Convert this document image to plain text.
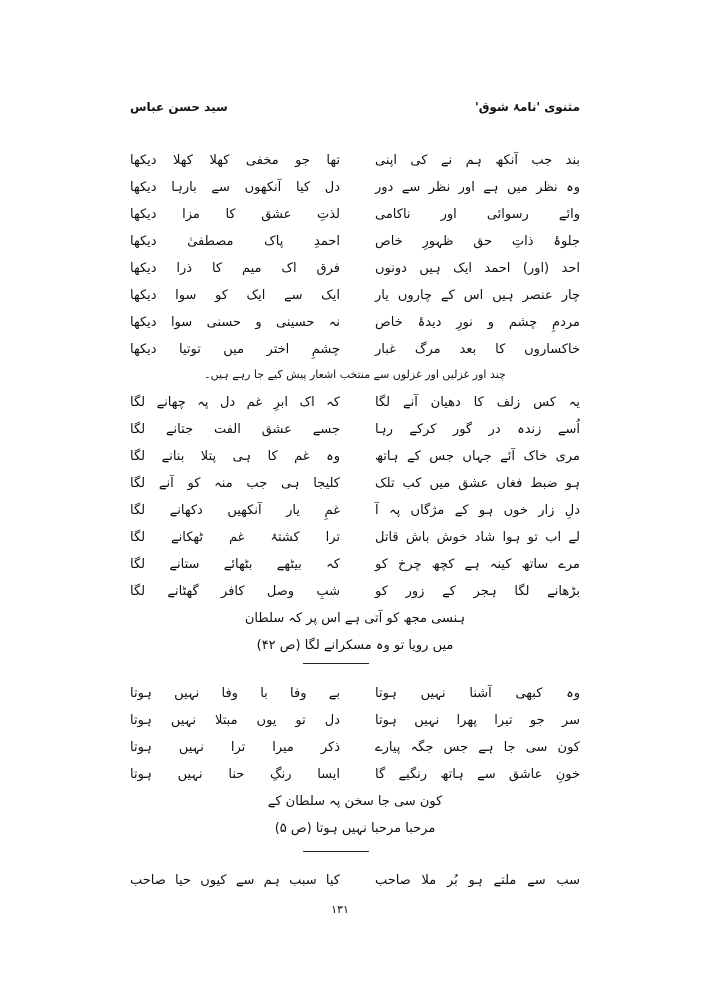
مثنوی 'نامۂ شوق'
سید حسن عباس
بند جب آنکھ ہم نے کی اپنی
تھا جو مخفی کھلا کھلا دیکھا
وہ نظر میں ہے اور نظر سے دور
دل کیا آنکھوں سے بارہا دیکھا
وائے رسوائی اور ناکامی
لذتِ عشق کا مزا دیکھا
جلوۂ ذاتِ حق ظہورِ خاص
احمدِ پاک مصطفیٰ دیکھا
احد (اور) احمد ایک ہیں دونوں
فرق اک میم کا ذرا دیکھا
چار عنصر ہیں اس کے چاروں یار
ایک سے ایک کو سوا دیکھا
مردمِ چشم و نورِ دیدۂ خاص
نہ حسینی و حسنی سوا دیکھا
خاکساروں کا بعد مرگ غبار
چشمِ اختر میں توتیا دیکھا
چند اور غزلیں اور غزلوں سے منتخب اشعار پیش کیے جا رہے ہیں۔
یہ کس زلف کا دھیان آنے لگا
کہ اک ابرِ غم دل پہ چھانے لگا
اُسے زندہ در گور کرکے رہا
جسے عشق الفت جتانے لگا
مری خاک آئے جہاں جس کے ہاتھ
وہ غم کا ہی پتلا بنانے لگا
ہو ضبط فغاں عشق میں کب تلک
کلیجا ہی جب منہ کو آنے لگا
دلِ زار خوں ہو کے مژگاں پہ آ
غمِ یار آنکھیں دکھانے لگا
لے اب تو ہوا شاد خوش باش قاتل
ترا کشتۂ غم ٹھکانے لگا
مرے ساتھ کینہ ہے کچھ چرخ کو
کہ بیٹھے بٹھائے ستانے لگا
بڑھانے لگا ہجر کے زور کو
شبِ وصل کافر گھٹانے لگا
ہنسی مجھ کو آتی ہے اس پر کہ سلطان
میں رویا تو وہ مسکرانے لگا (ص ۴۲)
وہ کبھی آشنا نہیں ہوتا
بے وفا با وفا نہیں ہوتا
سر جو تیرا پھرا نہیں ہوتا
دل تو یوں مبتلا نہیں ہوتا
کون سی جا ہے جس جگہ پیارے
ذکر میرا ترا نہیں ہوتا
خونِ عاشق سے ہاتھ رنگیے گا
ایسا رنگِ حنا نہیں ہوتا
کون سی جا سخن پہ سلطان کے
مرحبا مرحبا نہیں ہوتا (ص ۵)
سب سے ملتے ہو بُر ملا صاحب
کیا سبب ہم سے کیوں حیا صاحب
۱۳۱
